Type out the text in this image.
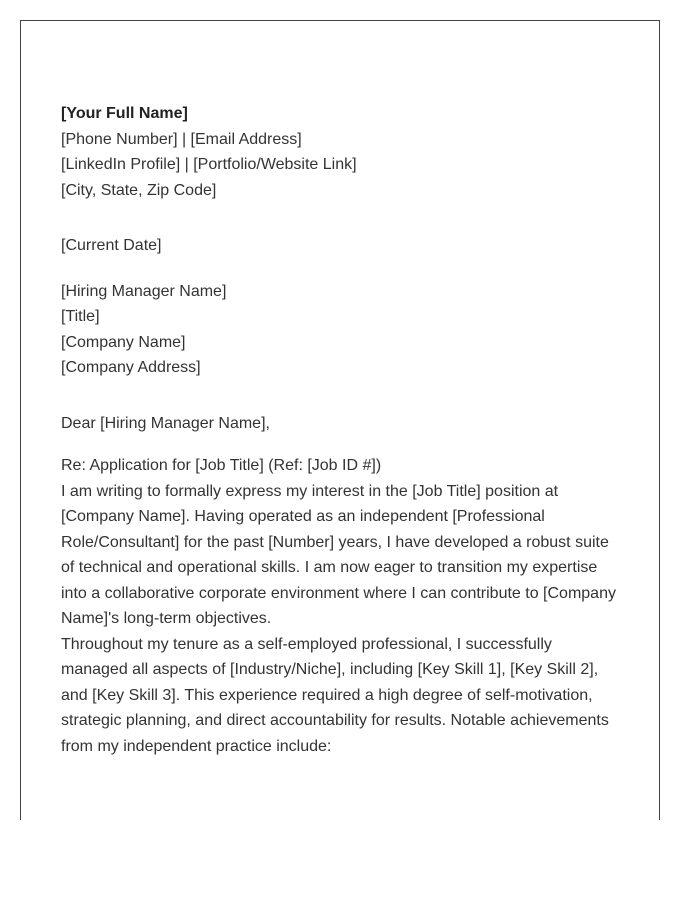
[Your Full Name]
[Phone Number] | [Email Address]
[LinkedIn Profile] | [Portfolio/Website Link]
[City, State, Zip Code]
[Current Date]
[Hiring Manager Name]
[Title]
[Company Name]
[Company Address]
Dear [Hiring Manager Name],
Re: Application for [Job Title] (Ref: [Job ID #])

I am writing to formally express my interest in the [Job Title] position at
[Company Name]. Having operated as an independent [Professional
Role/Consultant] for the past [Number] years, I have developed a robust suite
of technical and operational skills. I am now eager to transition my expertise
into a collaborative corporate environment where I can contribute to [Company
Name]'s long-term objectives.

Throughout my tenure as a self-employed professional, I successfully
managed all aspects of [Industry/Niche], including [Key Skill 1], [Key Skill 2],
and [Key Skill 3]. This experience required a high degree of self-motivation,
strategic planning, and direct accountability for results. Notable achievements
from my independent practice include:
